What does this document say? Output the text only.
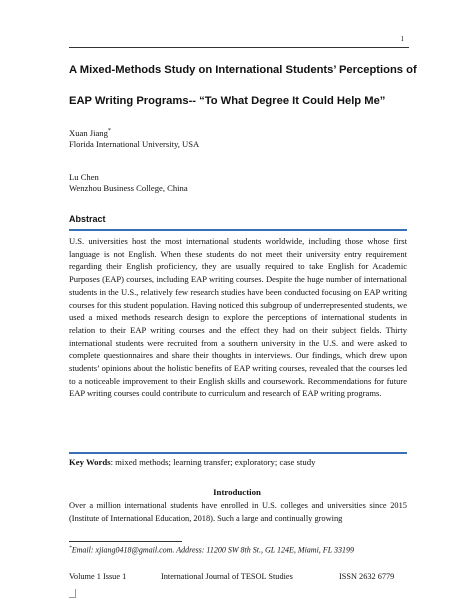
1
A Mixed-Methods Study on International Students’ Perceptions of
EAP Writing Programs-- “To What Degree It Could Help Me”
Xuan Jiang*
Florida International University, USA
Lu Chen
Wenzhou Business College, China
Abstract

U.S. universities host the most international students worldwide, including those whose first language is not English. When these students do not meet their university entry requirement regarding their English proficiency, they are usually required to take English for Academic Purposes (EAP) courses, including EAP writing courses. Despite the huge number of international students in the U.S., relatively few research studies have been conducted focusing on EAP writing courses for this student population. Having noticed this subgroup of underrepresented students, we used a mixed methods research design to explore the perceptions of international students in relation to their EAP writing courses and the effect they had on their subject fields. Thirty international students were recruited from a southern university in the U.S. and were asked to complete questionnaires and share their thoughts in interviews. Our findings, which drew upon students’ opinions about the holistic benefits of EAP writing courses, revealed that the courses led to a noticeable improvement to their English skills and coursework. Recommendations for future EAP writing courses could contribute to curriculum and research of EAP writing programs.

Key Words: mixed methods; learning transfer; exploratory; case study
Introduction

Over a million international students have enrolled in U.S. colleges and universities since 2015 (Institute of International Education, 2018). Such a large and continually growing

*Email: xjiang0418@gmail.com. Address: 11200 SW 8th St., GL 124E, Miami, FL 33199
Volume 1 Issue 1	International Journal of TESOL Studies	ISSN 2632 6779
